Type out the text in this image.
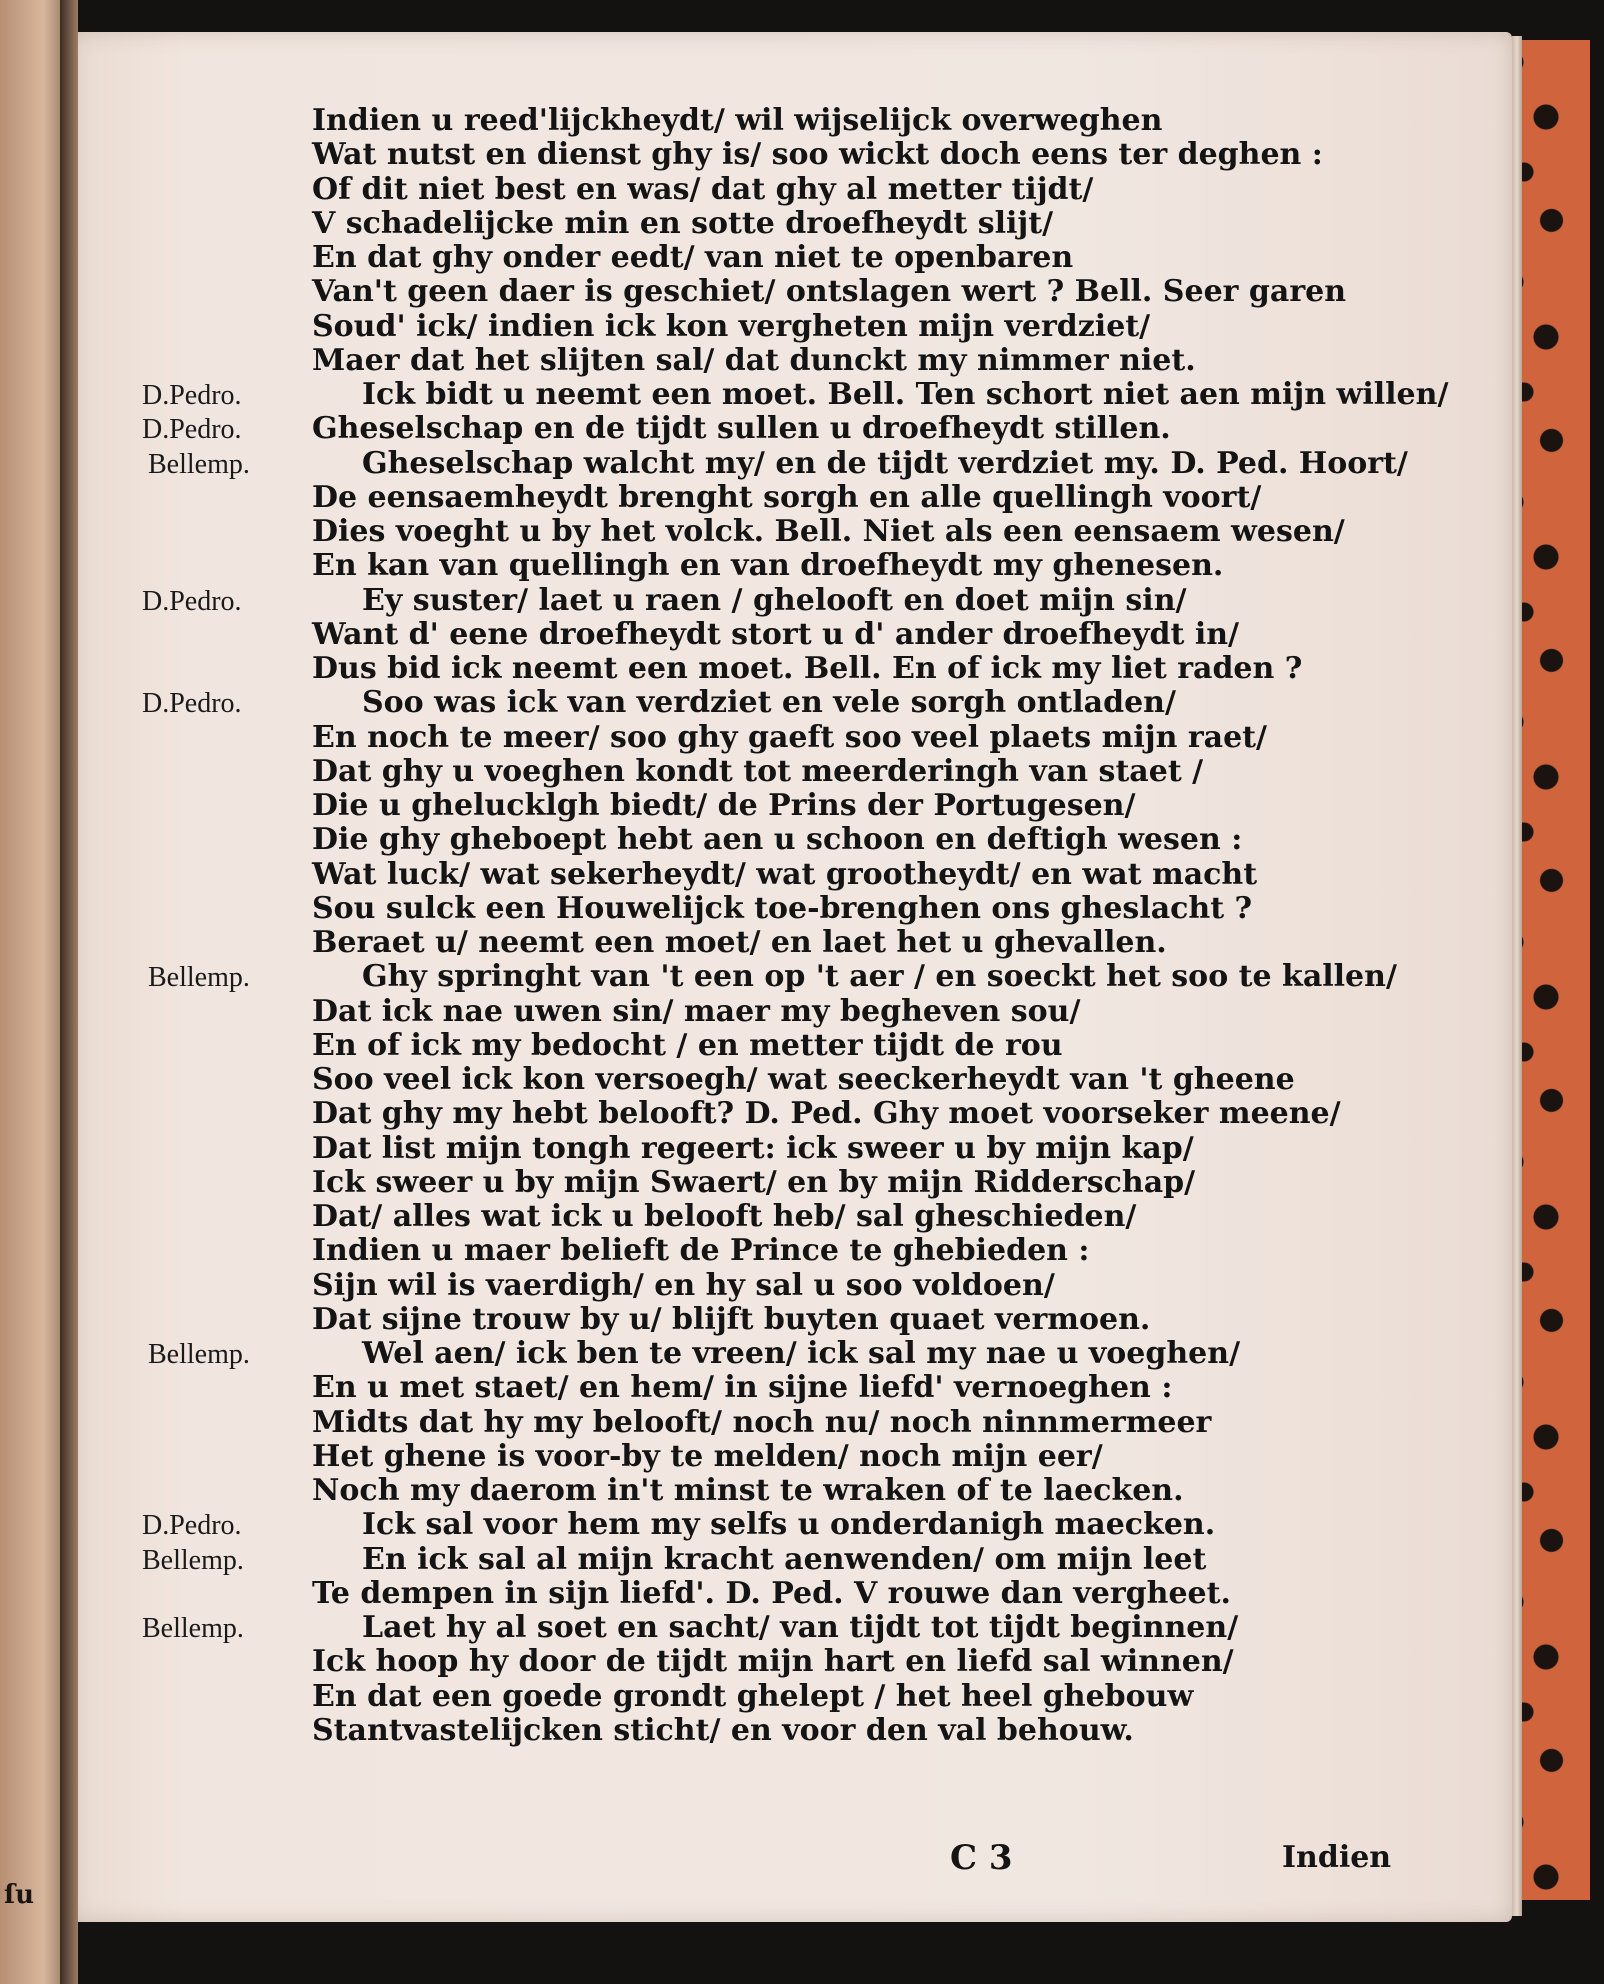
ſu
Indien u reed'lijckheydt/ wil wijselijck overweghen
Wat nutst en dienst ghy is/ soo wickt doch eens ter deghen :
Of dit niet best en was/ dat ghy al metter tijdt/
V schadelijcke min en sotte droefheydt slijt/
En dat ghy onder eedt/ van niet te openbaren
Van't geen daer is geschiet/ ontslagen wert ? Bell. Seer garen
Soud' ick/ indien ick kon vergheten mijn verdziet/
Maer dat het slijten sal/ dat dunckt my nimmer niet.
Ick bidt u neemt een moet. Bell. Ten schort niet aen mijn willen/
Gheselschap en de tijdt sullen u droefheydt stillen.
Gheselschap walcht my/ en de tijdt verdziet my. D. Ped. Hoort/
De eensaemheydt brenght sorgh en alle quellingh voort/
Dies voeght u by het volck. Bell. Niet als een eensaem wesen/
En kan van quellingh en van droefheydt my ghenesen.
Ey suster/ laet u raen / ghelooft en doet mijn sin/
Want d' eene droefheydt stort u d' ander droefheydt in/
Dus bid ick neemt een moet. Bell. En of ick my liet raden ?
Soo was ick van verdziet en vele sorgh ontladen/
En noch te meer/ soo ghy gaeft soo veel plaets mijn raet/
Dat ghy u voeghen kondt tot meerderingh van staet /
Die u ghelucklgh biedt/ de Prins der Portugesen/
Die ghy gheboept hebt aen u schoon en deftigh wesen :
Wat luck/ wat sekerheydt/ wat grootheydt/ en wat macht
Sou sulck een Houwelijck toe-brenghen ons gheslacht ?
Beraet u/ neemt een moet/ en laet het u ghevallen.
Ghy springht van 't een op 't aer / en soeckt het soo te kallen/
Dat ick nae uwen sin/ maer my begheven sou/
En of ick my bedocht / en metter tijdt de rou
Soo veel ick kon versoegh/ wat seeckerheydt van 't gheene
Dat ghy my hebt belooft? D. Ped. Ghy moet voorseker meene/
Dat list mijn tongh regeert: ick sweer u by mijn kap/
Ick sweer u by mijn Swaert/ en by mijn Ridderschap/
Dat/ alles wat ick u belooft heb/ sal gheschieden/
Indien u maer belieft de Prince te ghebieden :
Sijn wil is vaerdigh/ en hy sal u soo voldoen/
Dat sijne trouw by u/ blijft buyten quaet vermoen.
Wel aen/ ick ben te vreen/ ick sal my nae u voeghen/
En u met staet/ en hem/ in sijne liefd' vernoeghen :
Midts dat hy my belooft/ noch nu/ noch ninnmermeer
Het ghene is voor-by te melden/ noch mijn eer/
Noch my daerom in't minst te wraken of te laecken.
Ick sal voor hem my selfs u onderdanigh maecken.
En ick sal al mijn kracht aenwenden/ om mijn leet
Te dempen in sijn liefd'. D. Ped. V rouwe dan vergheet.
Laet hy al soet en sacht/ van tijdt tot tijdt beginnen/
Ick hoop hy door de tijdt mijn hart en liefd sal winnen/
En dat een goede grondt ghelept / het heel ghebouw
Stantvastelijcken sticht/ en voor den val behouw.
D.Pedro.
D.Pedro.
Bellemp.
D.Pedro.
D.Pedro.
Bellemp.
Bellemp.
D.Pedro.
Bellemp.
Bellemp.
C 3	Indien
